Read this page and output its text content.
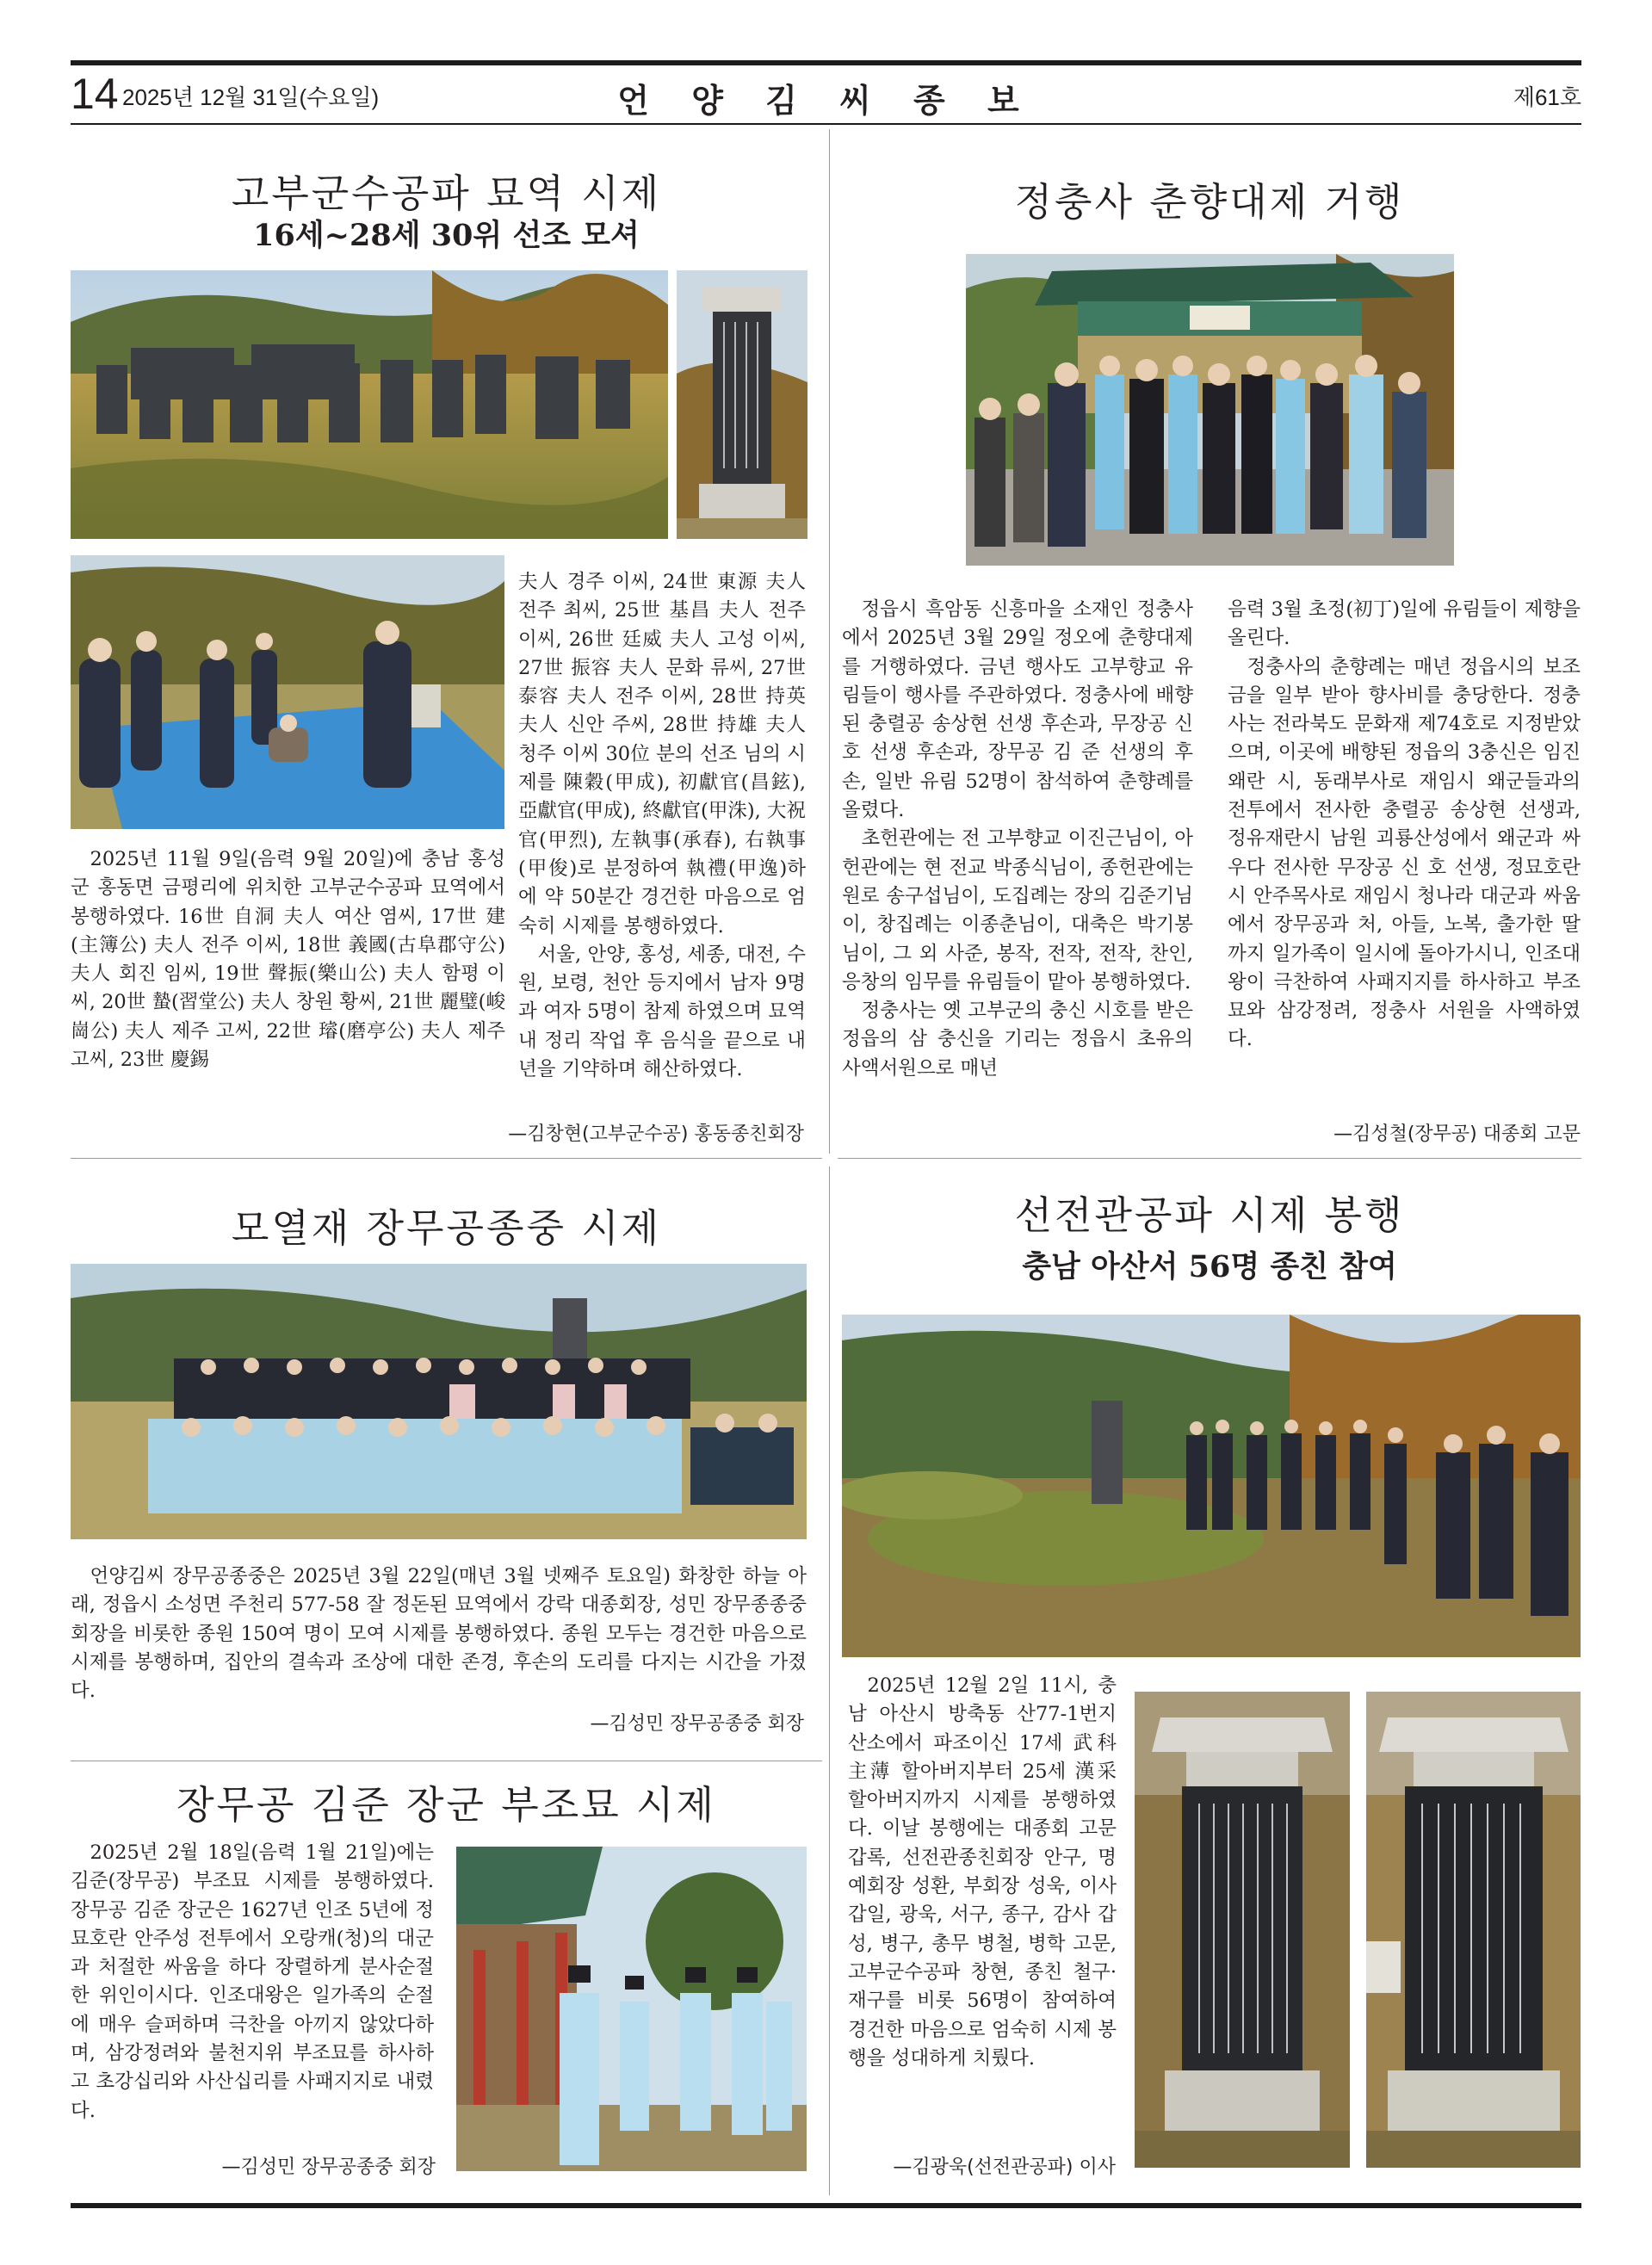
14 2025년 12월 31일(수요일)	언 양 김 씨 종 보	제61호
고부군수공파 묘역 시제
16세~28세 30위 선조 모셔

夫人 경주 이씨, 24世 東源 夫人 전주 최씨, 25世 基昌 夫人 전주 이씨, 26世 廷威 夫人 고성 이씨, 27世 振容 夫人 문화 류씨, 27世 泰容 夫人 전주 이씨, 28世 持英 夫人 신안 주씨, 28世 持雄 夫人 청주 이씨 30位 분의 선조 님의 시제를 陳穀(甲成), 初獻官(昌鉉), 亞獻官(甲成), 終獻官(甲洙), 大祝官(甲烈), 左執事(承春), 右執事(甲俊)로 분정하여 執禮(甲逸)하에 약 50분간 경건한 마음으로 엄숙히 시제를 봉행하였다.

서울, 안양, 홍성, 세종, 대전, 수원, 보령, 천안 등지에서 남자 9명과 여자 5명이 참제 하였으며 묘역 내 정리 작업 후 음식을 끝으로 내년을 기약하며 해산하였다.

2025년 11월 9일(음력 9월 20일)에 충남 홍성군 홍동면 금평리에 위치한 고부군수공파 묘역에서 봉행하였다. 16世 自洞 夫人 여산 염씨, 17世 建(主簿公) 夫人 전주 이씨, 18世 義國(古阜郡守公) 夫人 회진 임씨, 19世 聲振(樂山公) 夫人 함평 이씨, 20世 蟄(習堂公) 夫人 창원 황씨, 21世 麗璧(峻崗公) 夫人 제주 고씨, 22世 璿(磨亭公) 夫人 제주 고씨, 23世 慶錫

—김창현(고부군수공) 홍동종친회장
정충사 춘향대제 거행

정읍시 흑암동 신흥마을 소재인 정충사에서 2025년 3월 29일 정오에 춘향대제를 거행하였다. 금년 행사도 고부향교 유림들이 행사를 주관하였다. 정충사에 배향된 충렬공 송상현 선생 후손과, 무장공 신호 선생 후손과, 장무공 김 준 선생의 후손, 일반 유림 52명이 참석하여 춘향례를 올렸다.

초헌관에는 전 고부향교 이진근님이, 아헌관에는 현 전교 박종식님이, 종헌관에는 원로 송구섭님이, 도집례는 장의 김준기님이, 창집례는 이종춘님이, 대축은 박기봉님이, 그 외 사준, 봉작, 전작, 전작, 찬인, 응창의 임무를 유림들이 맡아 봉행하였다.

정충사는 옛 고부군의 충신 시호를 받은 정읍의 삼 충신을 기리는 정읍시 초유의 사액서원으로 매년

음력 3월 초정(初丁)일에 유림들이 제향을 올린다.

정충사의 춘향례는 매년 정읍시의 보조금을 일부 받아 향사비를 충당한다. 정충사는 전라북도 문화재 제74호로 지정받았으며, 이곳에 배향된 정읍의 3충신은 임진왜란 시, 동래부사로 재임시 왜군들과의 전투에서 전사한 충렬공 송상현 선생과, 정유재란시 남원 괴룡산성에서 왜군과 싸우다 전사한 무장공 신 호 선생, 정묘호란시 안주목사로 재임시 청나라 대군과 싸움에서 장무공과 처, 아들, 노복, 출가한 딸까지 일가족이 일시에 돌아가시니, 인조대왕이 극찬하여 사패지지를 하사하고 부조묘와 삼강정려, 정충사 서원을 사액하였다.

—김성철(장무공) 대종회 고문
모열재 장무공종중 시제

언양김씨 장무공종중은 2025년 3월 22일(매년 3월 넷째주 토요일) 화창한 하늘 아래, 정읍시 소성면 주천리 577-58 잘 정돈된 묘역에서 강락 대종회장, 성민 장무종종중 회장을 비롯한 종원 150여 명이 모여 시제를 봉행하였다. 종원 모두는 경건한 마음으로 시제를 봉행하며, 집안의 결속과 조상에 대한 존경, 후손의 도리를 다지는 시간을 가졌다.

—김성민 장무공종중 회장
장무공 김준 장군 부조묘 시제

2025년 2월 18일(음력 1월 21일)에는 김준(장무공) 부조묘 시제를 봉행하였다. 장무공 김준 장군은 1627년 인조 5년에 정묘호란 안주성 전투에서 오랑캐(청)의 대군과 처절한 싸움을 하다 장렬하게 분사순절한 위인이시다. 인조대왕은 일가족의 순절에 매우 슬퍼하며 극찬을 아끼지 않았다하며, 삼강정려와 불천지위 부조묘를 하사하고 초강십리와 사산십리를 사패지지로 내렸다.

—김성민 장무공종중 회장
선전관공파 시제 봉행
충남 아산서 56명 종친 참여

2025년 12월 2일 11시, 충남 아산시 방축동 산77-1번지 산소에서 파조이신 17세 武科主薄 할아버지부터 25세 漢采 할아버지까지 시제를 봉행하였다. 이날 봉행에는 대종회 고문 갑록, 선전관종친회장 안구, 명예회장 성환, 부회장 성욱, 이사 갑일, 광욱, 서구, 종구, 감사 갑성, 병구, 총무 병철, 병학 고문, 고부군수공파 창현, 종친 철구·재구를 비롯 56명이 참여하여 경건한 마음으로 엄숙히 시제 봉행을 성대하게 치뤘다.

—김광욱(선전관공파) 이사
